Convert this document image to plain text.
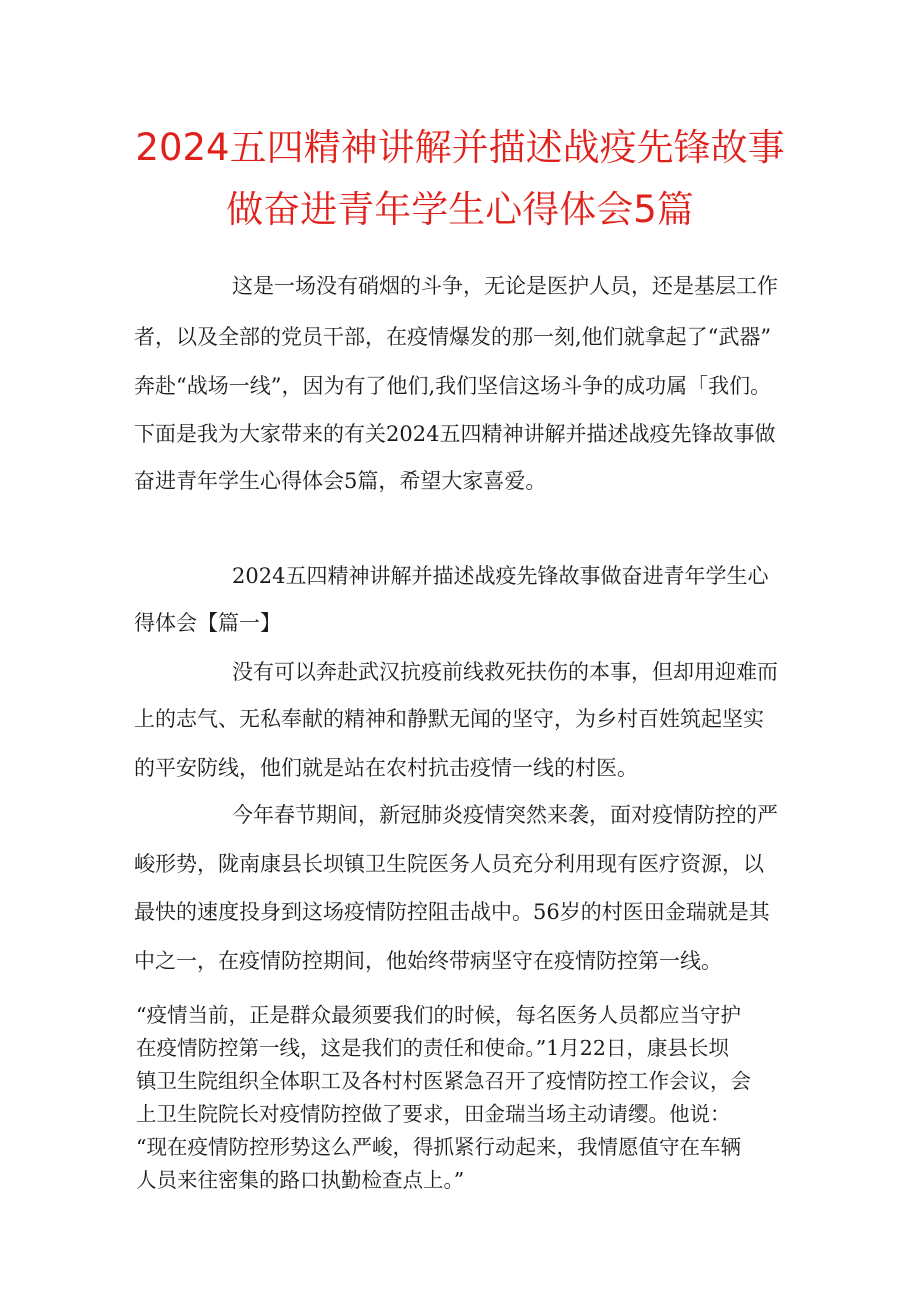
2024五四精神讲解并描述战疫先锋故事
做奋进青年学生心得体会5篇
这是一场没有硝烟的斗争，无论是医护人员，还是基层工作
者，以及全部的党员干部，在疫情爆发的那一刻,他们就拿起了“武器”
奔赴“战场一线”，因为有了他们,我们坚信这场斗争的成功属「我们。
下面是我为大家带来的有关2024五四精神讲解并描述战疫先锋故事做
奋进青年学生心得体会5篇，希望大家喜爱。
2024五四精神讲解并描述战疫先锋故事做奋进青年学生心
得体会【篇一】
没有可以奔赴武汉抗疫前线救死扶伤的本事，但却用迎难而
上的志气、无私奉献的精神和静默无闻的坚守，为乡村百姓筑起坚实
的平安防线，他们就是站在农村抗击疫情一线的村医。
今年春节期间，新冠肺炎疫情突然来袭，面对疫情防控的严
峻形势，陇南康县长坝镇卫生院医务人员充分利用现有医疗资源，以
最快的速度投身到这场疫情防控阻击战中。56岁的村医田金瑞就是其
中之一，在疫情防控期间，他始终带病坚守在疫情防控第一线。
“疫情当前，正是群众最须要我们的时候，每名医务人员都应当守护
在疫情防控第一线，这是我们的责任和使命。”1月22日，康县长坝
镇卫生院组织全体职工及各村村医紧急召开了疫情防控工作会议，会
上卫生院院长对疫情防控做了要求，田金瑞当场主动请缨。他说：
“现在疫情防控形势这么严峻，得抓紧行动起来，我情愿值守在车辆
人员来往密集的路口执勤检查点上。”
